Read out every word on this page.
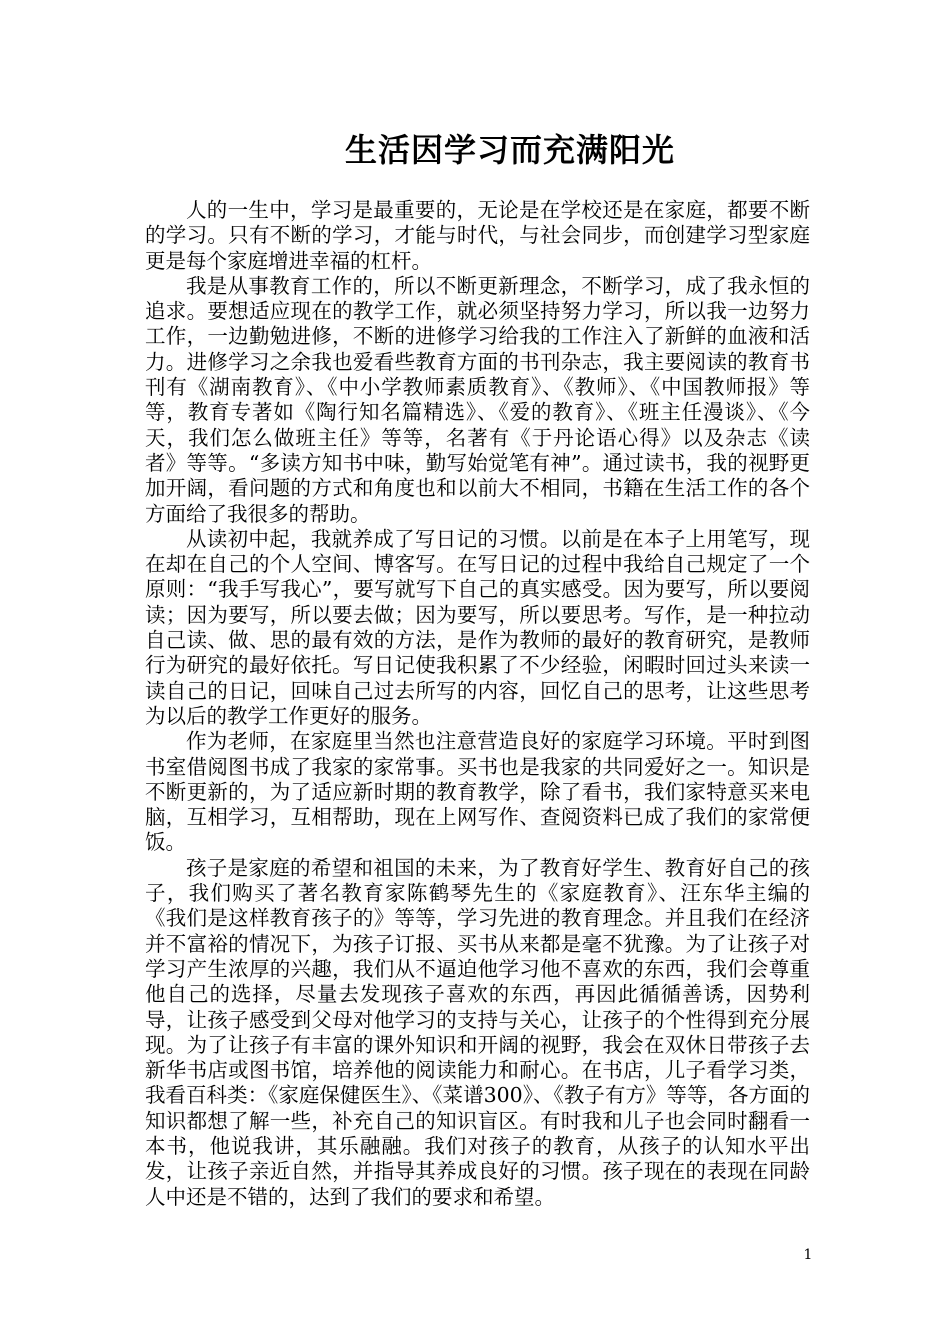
生活因学习而充满阳光

人的一生中，学习是最重要的，无论是在学校还是在家庭，都要不断的学习。只有不断的学习，才能与时代，与社会同步，而创建学习型家庭更是每个家庭增进幸福的杠杆。

我是从事教育工作的，所以不断更新理念，不断学习，成了我永恒的追求。要想适应现在的教学工作，就必须坚持努力学习，所以我一边努力工作，一边勤勉进修，不断的进修学习给我的工作注入了新鲜的血液和活力。进修学习之余我也爱看些教育方面的书刊杂志，我主要阅读的教育书刊有《湖南教育》、《中小学教师素质教育》、《教师》、《中国教师报》等等，教育专著如《陶行知名篇精选》、《爱的教育》、《班主任漫谈》、《今天，我们怎么做班主任》等等，名著有《于丹论语心得》以及杂志《读者》等等。“多读方知书中味，勤写始觉笔有神”。通过读书，我的视野更加开阔，看问题的方式和角度也和以前大不相同，书籍在生活工作的各个方面给了我很多的帮助。

从读初中起，我就养成了写日记的习惯。以前是在本子上用笔写，现在却在自己的个人空间、博客写。在写日记的过程中我给自己规定了一个原则：“我手写我心”，要写就写下自己的真实感受。因为要写，所以要阅读；因为要写，所以要去做；因为要写，所以要思考。写作，是一种拉动自己读、做、思的最有效的方法，是作为教师的最好的教育研究，是教师行为研究的最好依托。写日记使我积累了不少经验，闲暇时回过头来读一读自己的日记，回味自己过去所写的内容，回忆自己的思考，让这些思考为以后的教学工作更好的服务。

作为老师，在家庭里当然也注意营造良好的家庭学习环境。平时到图书室借阅图书成了我家的家常事。买书也是我家的共同爱好之一。知识是不断更新的，为了适应新时期的教育教学，除了看书，我们家特意买来电脑，互相学习，互相帮助，现在上网写作、查阅资料已成了我们的家常便饭。

孩子是家庭的希望和祖国的未来，为了教育好学生、教育好自己的孩子，我们购买了著名教育家陈鹤琴先生的《家庭教育》、汪东华主编的《我们是这样教育孩子的》等等，学习先进的教育理念。并且我们在经济并不富裕的情况下，为孩子订报、买书从来都是毫不犹豫。为了让孩子对学习产生浓厚的兴趣，我们从不逼迫他学习他不喜欢的东西，我们会尊重他自己的选择，尽量去发现孩子喜欢的东西，再因此循循善诱，因势利导，让孩子感受到父母对他学习的支持与关心，让孩子的个性得到充分展现。为了让孩子有丰富的课外知识和开阔的视野，我会在双休日带孩子去新华书店或图书馆，培养他的阅读能力和耐心。在书店，儿子看学习类，我看百科类：《家庭保健医生》、《菜谱300》、《教子有方》等等，各方面的知识都想了解一些，补充自己的知识盲区。有时我和儿子也会同时翻看一本书，他说我讲，其乐融融。我们对孩子的教育，从孩子的认知水平出发，让孩子亲近自然，并指导其养成良好的习惯。孩子现在的表现在同龄人中还是不错的，达到了我们的要求和希望。

1
